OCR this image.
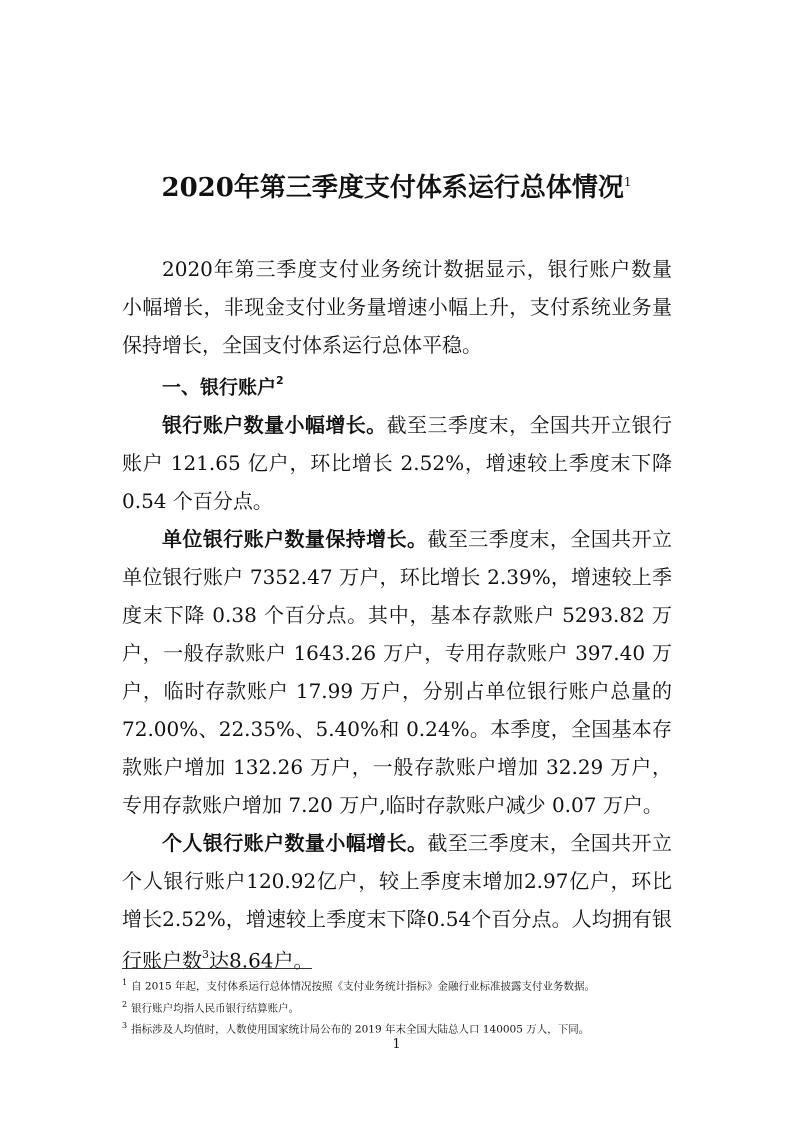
2020年第三季度支付体系运行总体情况$^1$

2020年第三季度支付业务统计数据显示，银行账户数量小幅增长，非现金支付业务量增速小幅上升，支付系统业务量保持增长，全国支付体系运行总体平稳。

一、银行账户$^2$

银行账户数量小幅增长。截至三季度末，全国共开立银行账户 121.65 亿户，环比增长 2.52%，增速较上季度末下降 0.54 个百分点。

单位银行账户数量保持增长。截至三季度末，全国共开立单位银行账户 7352.47 万户，环比增长 2.39%，增速较上季度末下降 0.38 个百分点。其中，基本存款账户 5293.82 万户，一般存款账户 1643.26 万户，专用存款账户 397.40 万户，临时存款账户 17.99 万户，分别占单位银行账户总量的 72.00%、22.35%、5.40%和 0.24%。本季度，全国基本存款账户增加 132.26 万户，一般存款账户增加 32.29 万户，专用存款账户增加 7.20 万户,临时存款账户减少 0.07 万户。

个人银行账户数量小幅增长。截至三季度末，全国共开立个人银行账户120.92亿户，较上季度末增加2.97亿户，环比增长2.52%，增速较上季度末下降0.54个百分点。人均拥有银行账户数$^3$达8.64户。

$^1$ 自 2015 年起，支付体系运行总体情况按照《支付业务统计指标》金融行业标准披露支付业务数据。
$^2$ 银行账户均指人民币银行结算账户。
$^3$ 指标涉及人均值时，人数使用国家统计局公布的 2019 年末全国大陆总人口 140005 万人，下同。
1
